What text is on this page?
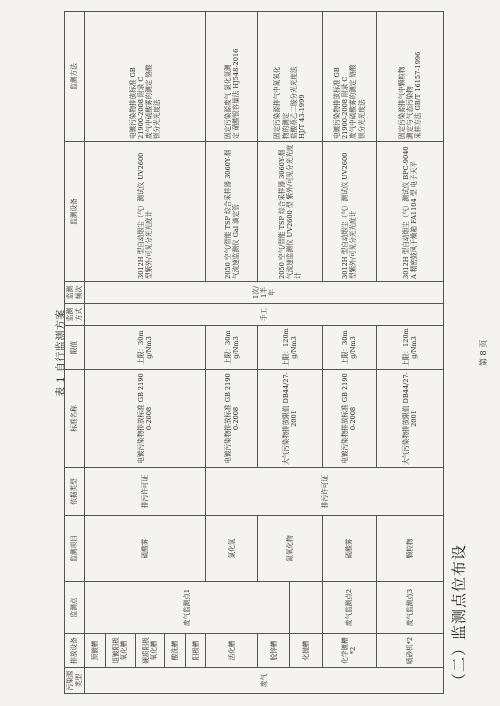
（二）监测点位布设
表 1 自行监测方案
污染源类型	排放设备	监测点	监测项目	依据类型	标准名称	限值	监测方式	监测频次	监测设备	监测方法
废气	预镀槽	废气监测点1	硫酸雾	排污许可证	电镀污染物排放标准 GB 21900-2008	上限：30mg/Nm3	手工	1次/1半年	3012H 型自动烟尘（气）测试仪 UV2600 型紫外/可见分光光度计	电镀污染物排放标准 GB 21900-2008 附录 C 废气中硫酸雾的测定 铬酸 钡分光光度法

	退镀阳极氧化槽									
	硬质阳极氧化槽									
	酸洗槽									
	阳极槽									
	活化槽		氯化氢	排污许可证	电镀污染物排放标准 GB 21900-2008	上限：30mg/Nm3			2050 空气/智能 TSP 综合采样器 3060Y-烟气流速监测仪 Gal 滴定管	固定污染源废气 氯化氢测 定 硝酸银容量法 HJ548-2016

	脱锌槽		氮氧化物		大气污染物排放限值 DB44/27-2001	上限：120mg/Nm3			2050 空气/智能 TSP 综合采样器 3060Y-烟气流速监测仪 UV2600 型 紫外/可见分光光度计	固定污染源排气中氮氧化 物的测定 盐酸萘乙二胺分光光度法 HJ/T 43-1999

	化抛槽									
	化学镀槽*2	废气监测点2	硫酸雾		电镀污染物排放标准 GB 21900-2008	上限：30mg/Nm3			3012H 型自动烟尘（气）测试仪 UV2600 型紫外/可见分光光度计	电镀污染物排放标准 GB 21900-2008 附录 C 废气中硫酸雾的测定 铬酸 钡分光光度法

	喷砂机*2	废气监测点3	颗粒物		大气污染物排放限值 DB44/27-2001	上限：120mg/Nm3			3012H 型自动烟尘（气）测试仪 BPC-9040A 精密鼓风干燥箱 FA1104 型 电子天平	固定污染源排气中颗粒物 测定与气态污染物 采样方法 GB/T 16157-1996
第 8 页
